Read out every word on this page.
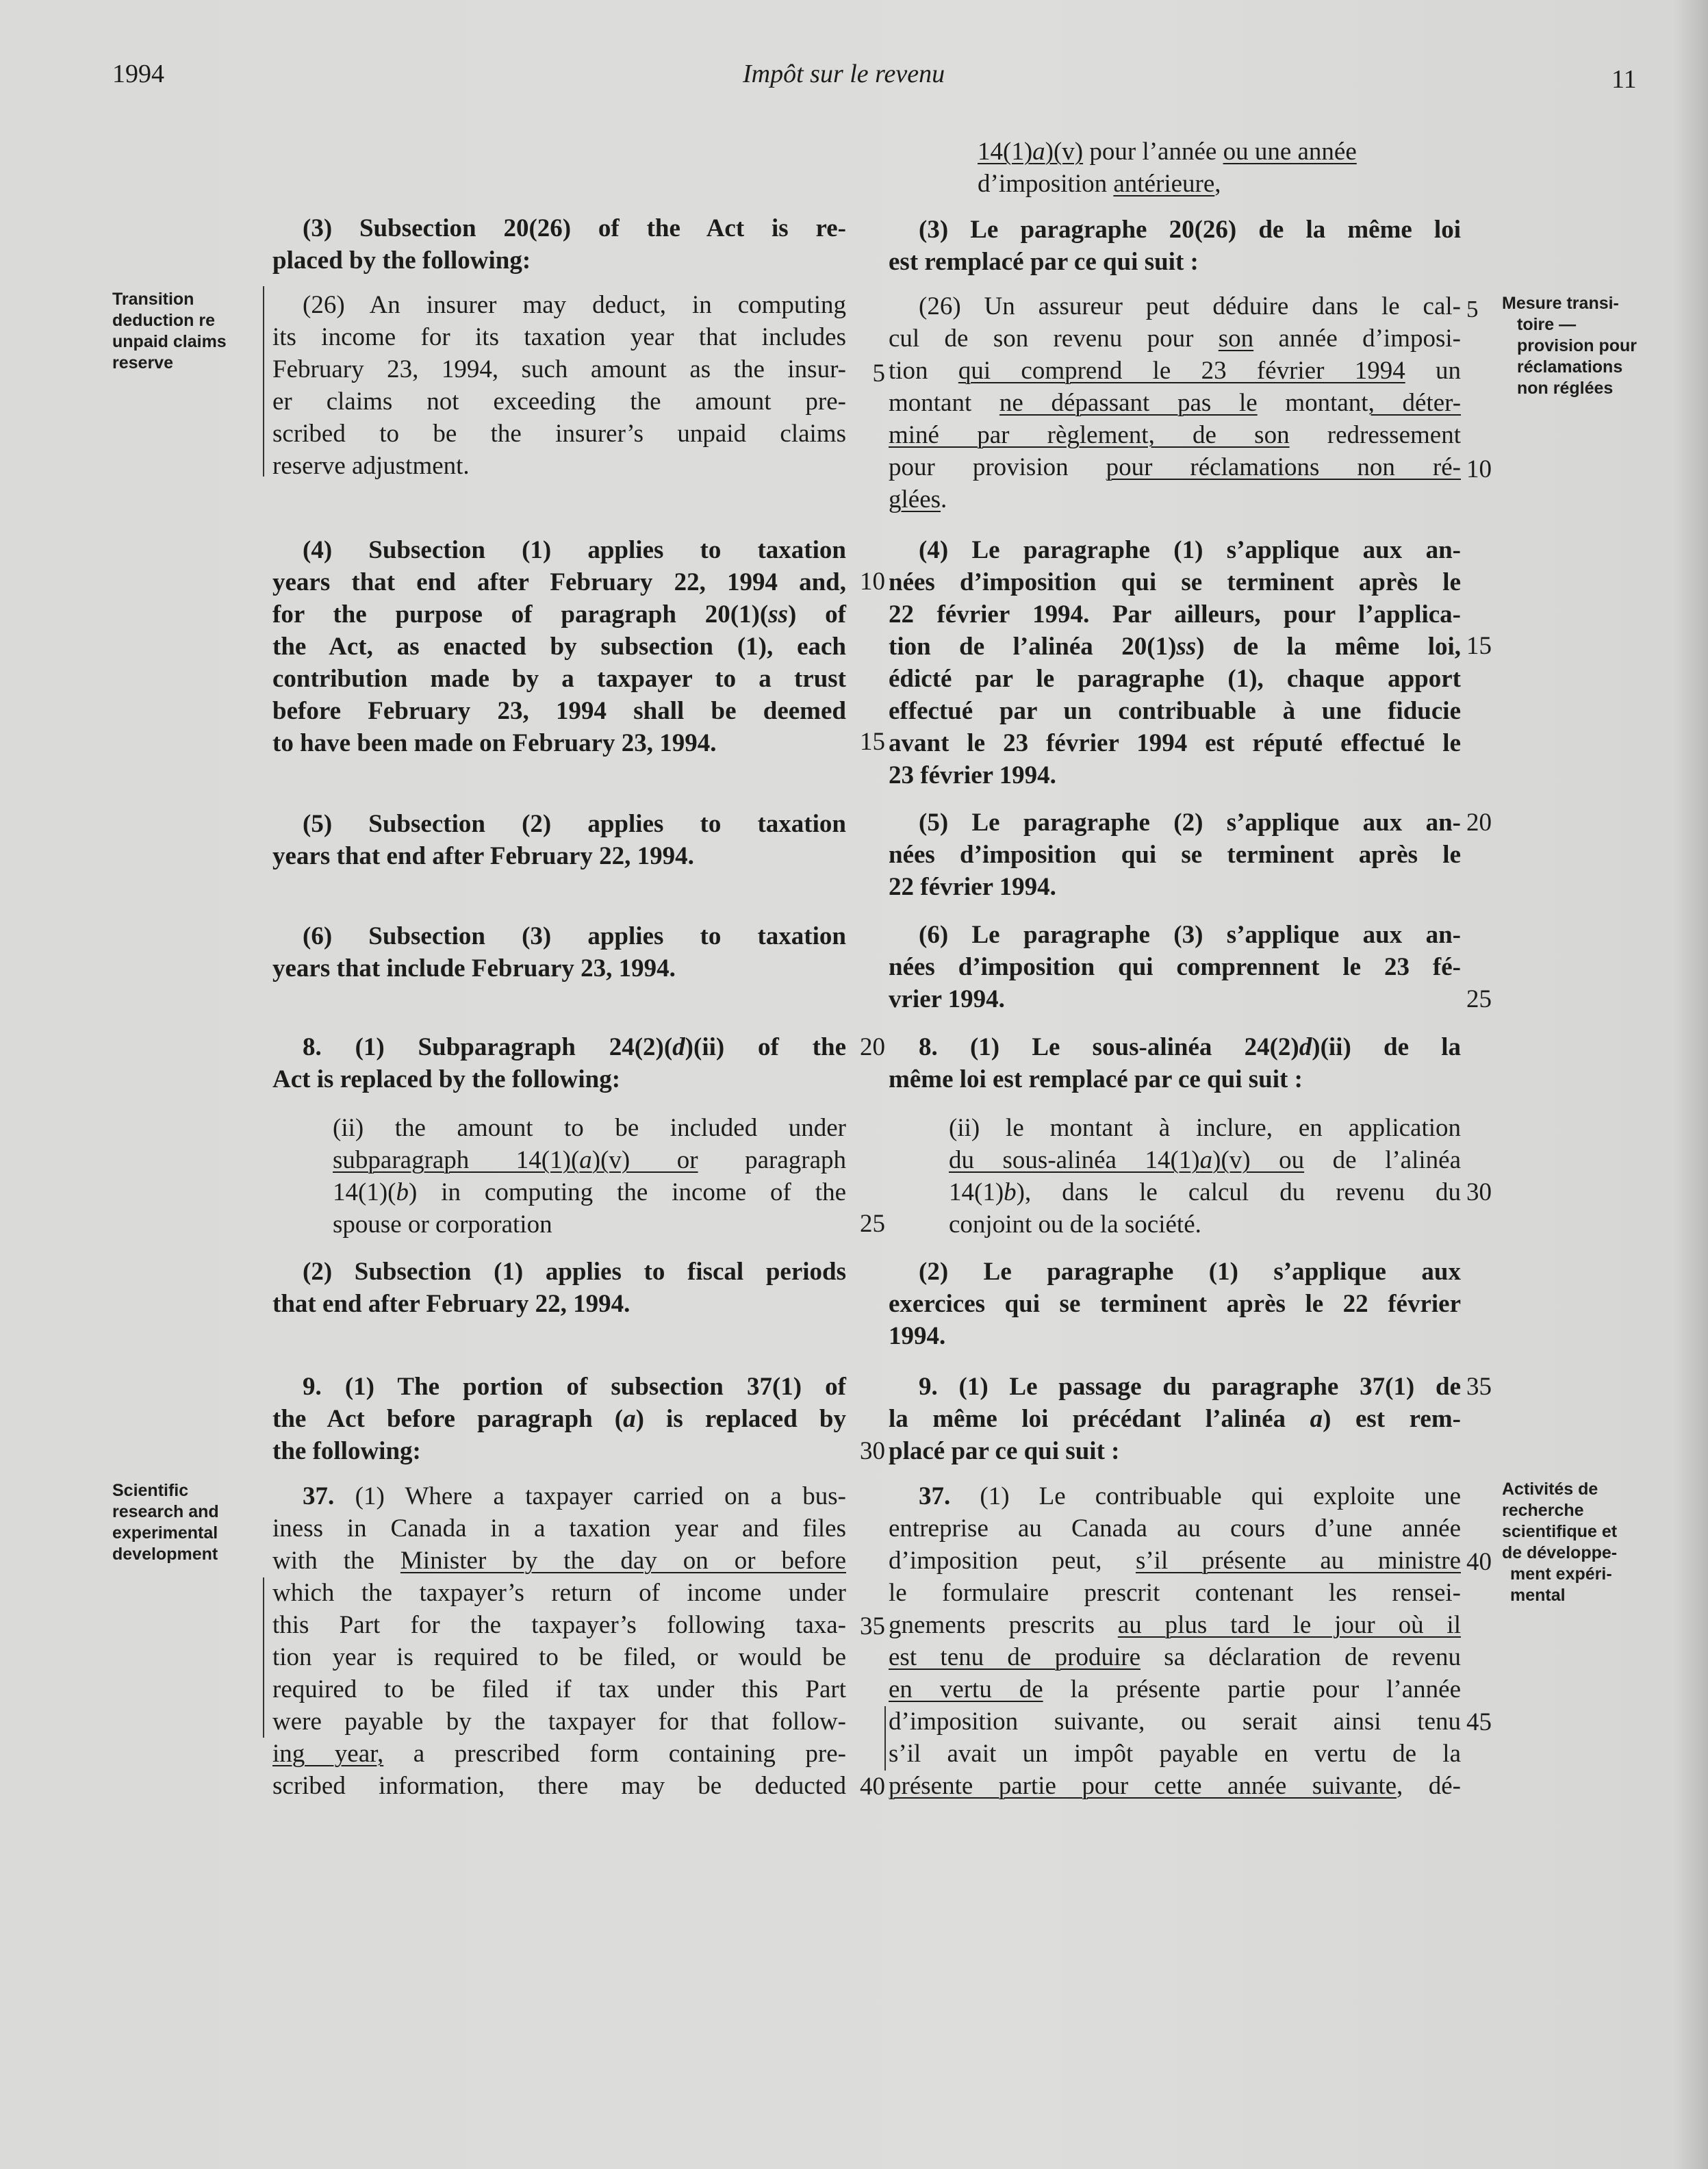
1994	Impôt sur le revenu	11
Transition
deduction re
unpaid claims
reserve
Mesure transi-
toire —
provision pour
réclamations
non réglées
Scientific
research and
experimental
development
Activités de
recherche
scientifique et
de développe-
ment expéri-
mental
5
10
15
20
25
30
35
40
5
10
15
20
25
30
35
40
45
(3) Subsection 20(26) of the Act is re-
placed by the following:
(26) An insurer may deduct, in computing
its income for its taxation year that includes
February 23, 1994, such amount as the insur-
er claims not exceeding the amount pre-
scribed to be the insurer’s unpaid claims
reserve adjustment.
(4) Subsection (1) applies to taxation
years that end after February 22, 1994 and,
for the purpose of paragraph 20(1)(ss) of
the Act, as enacted by subsection (1), each
contribution made by a taxpayer to a trust
before February 23, 1994 shall be deemed
to have been made on February 23, 1994.
(5) Subsection (2) applies to taxation
years that end after February 22, 1994.
(6) Subsection (3) applies to taxation
years that include February 23, 1994.
8. (1) Subparagraph 24(2)(d)(ii) of the
Act is replaced by the following:
(ii) the amount to be included under
subparagraph 14(1)(a)(v) or paragraph
14(1)(b) in computing the income of the
spouse or corporation
(2) Subsection (1) applies to fiscal periods
that end after February 22, 1994.
9. (1) The portion of subsection 37(1) of
the Act before paragraph (a) is replaced by
the following:
37. (1) Where a taxpayer carried on a bus-
iness in Canada in a taxation year and files
with the Minister by the day on or before
which the taxpayer’s return of income under
this Part for the taxpayer’s following taxa-
tion year is required to be filed, or would be
required to be filed if tax under this Part
were payable by the taxpayer for that follow-
ing year, a prescribed form containing pre-
scribed information, there may be deducted
14(1)a)(v) pour l’année ou une année
d’imposition antérieure,
(3) Le paragraphe 20(26) de la même loi
est remplacé par ce qui suit :
(26) Un assureur peut déduire dans le cal-
cul de son revenu pour son année d’imposi-
tion qui comprend le 23 février 1994 un
montant ne dépassant pas le montant, déter-
miné par règlement, de son redressement
pour provision pour réclamations non ré-
glées.
(4) Le paragraphe (1) s’applique aux an-
nées d’imposition qui se terminent après le
22 février 1994. Par ailleurs, pour l’applica-
tion de l’alinéa 20(1)ss) de la même loi,
édicté par le paragraphe (1), chaque apport
effectué par un contribuable à une fiducie
avant le 23 février 1994 est réputé effectué le
23 février 1994.
(5) Le paragraphe (2) s’applique aux an-
nées d’imposition qui se terminent après le
22 février 1994.
(6) Le paragraphe (3) s’applique aux an-
nées d’imposition qui comprennent le 23 fé-
vrier 1994.
8. (1) Le sous-alinéa 24(2)d)(ii) de la
même loi est remplacé par ce qui suit :
(ii) le montant à inclure, en application
du sous-alinéa 14(1)a)(v) ou de l’alinéa
14(1)b), dans le calcul du revenu du
conjoint ou de la société.
(2) Le paragraphe (1) s’applique aux
exercices qui se terminent après le 22 février
1994.
9. (1) Le passage du paragraphe 37(1) de
la même loi précédant l’alinéa a) est rem-
placé par ce qui suit :
37. (1) Le contribuable qui exploite une
entreprise au Canada au cours d’une année
d’imposition peut, s’il présente au ministre
le formulaire prescrit contenant les rensei-
gnements prescrits au plus tard le jour où il
est tenu de produire sa déclaration de revenu
en vertu de la présente partie pour l’année
d’imposition suivante, ou serait ainsi tenu
s’il avait un impôt payable en vertu de la
présente partie pour cette année suivante, dé-
